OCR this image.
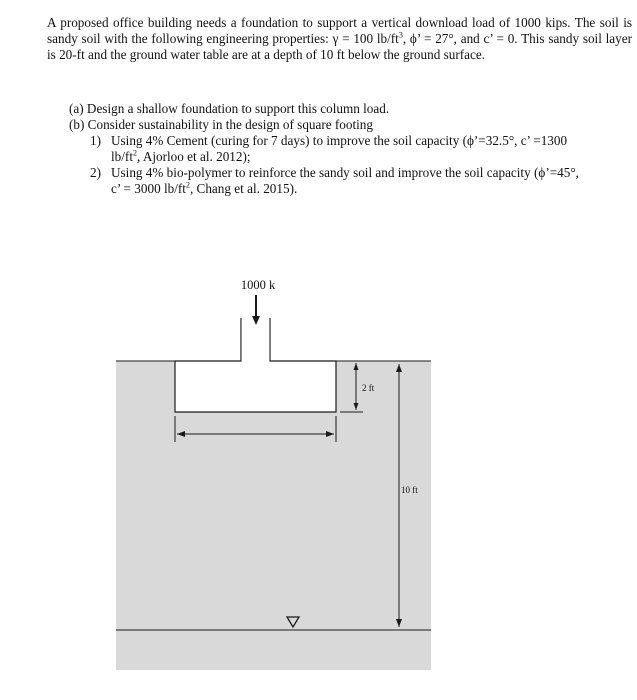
A proposed office building needs a foundation to support a vertical download load of 1000 kips. The soil is sandy soil with the following engineering properties: γ = 100 $lb/ft^3$, ϕ’ = 27°, and c’ = 0. This sandy soil layer is 20-ft and the ground water table are at a depth of 10 ft below the ground surface.

(a) Design a shallow foundation to support this column load.
(b) Consider sustainability in the design of square footing
1) Using 4% Cement (curing for 7 days) to improve the soil capacity (ϕ’=32.5°, c’ =1300
$lb/ft^2$, Ajorloo et al. 2012);
2) Using 4% bio-polymer to reinforce the sandy soil and improve the soil capacity (ϕ’=45°,
c’ = 3000 $lb/ft^2$, Chang et al. 2015).
1000 k
2 ft
10 ft
